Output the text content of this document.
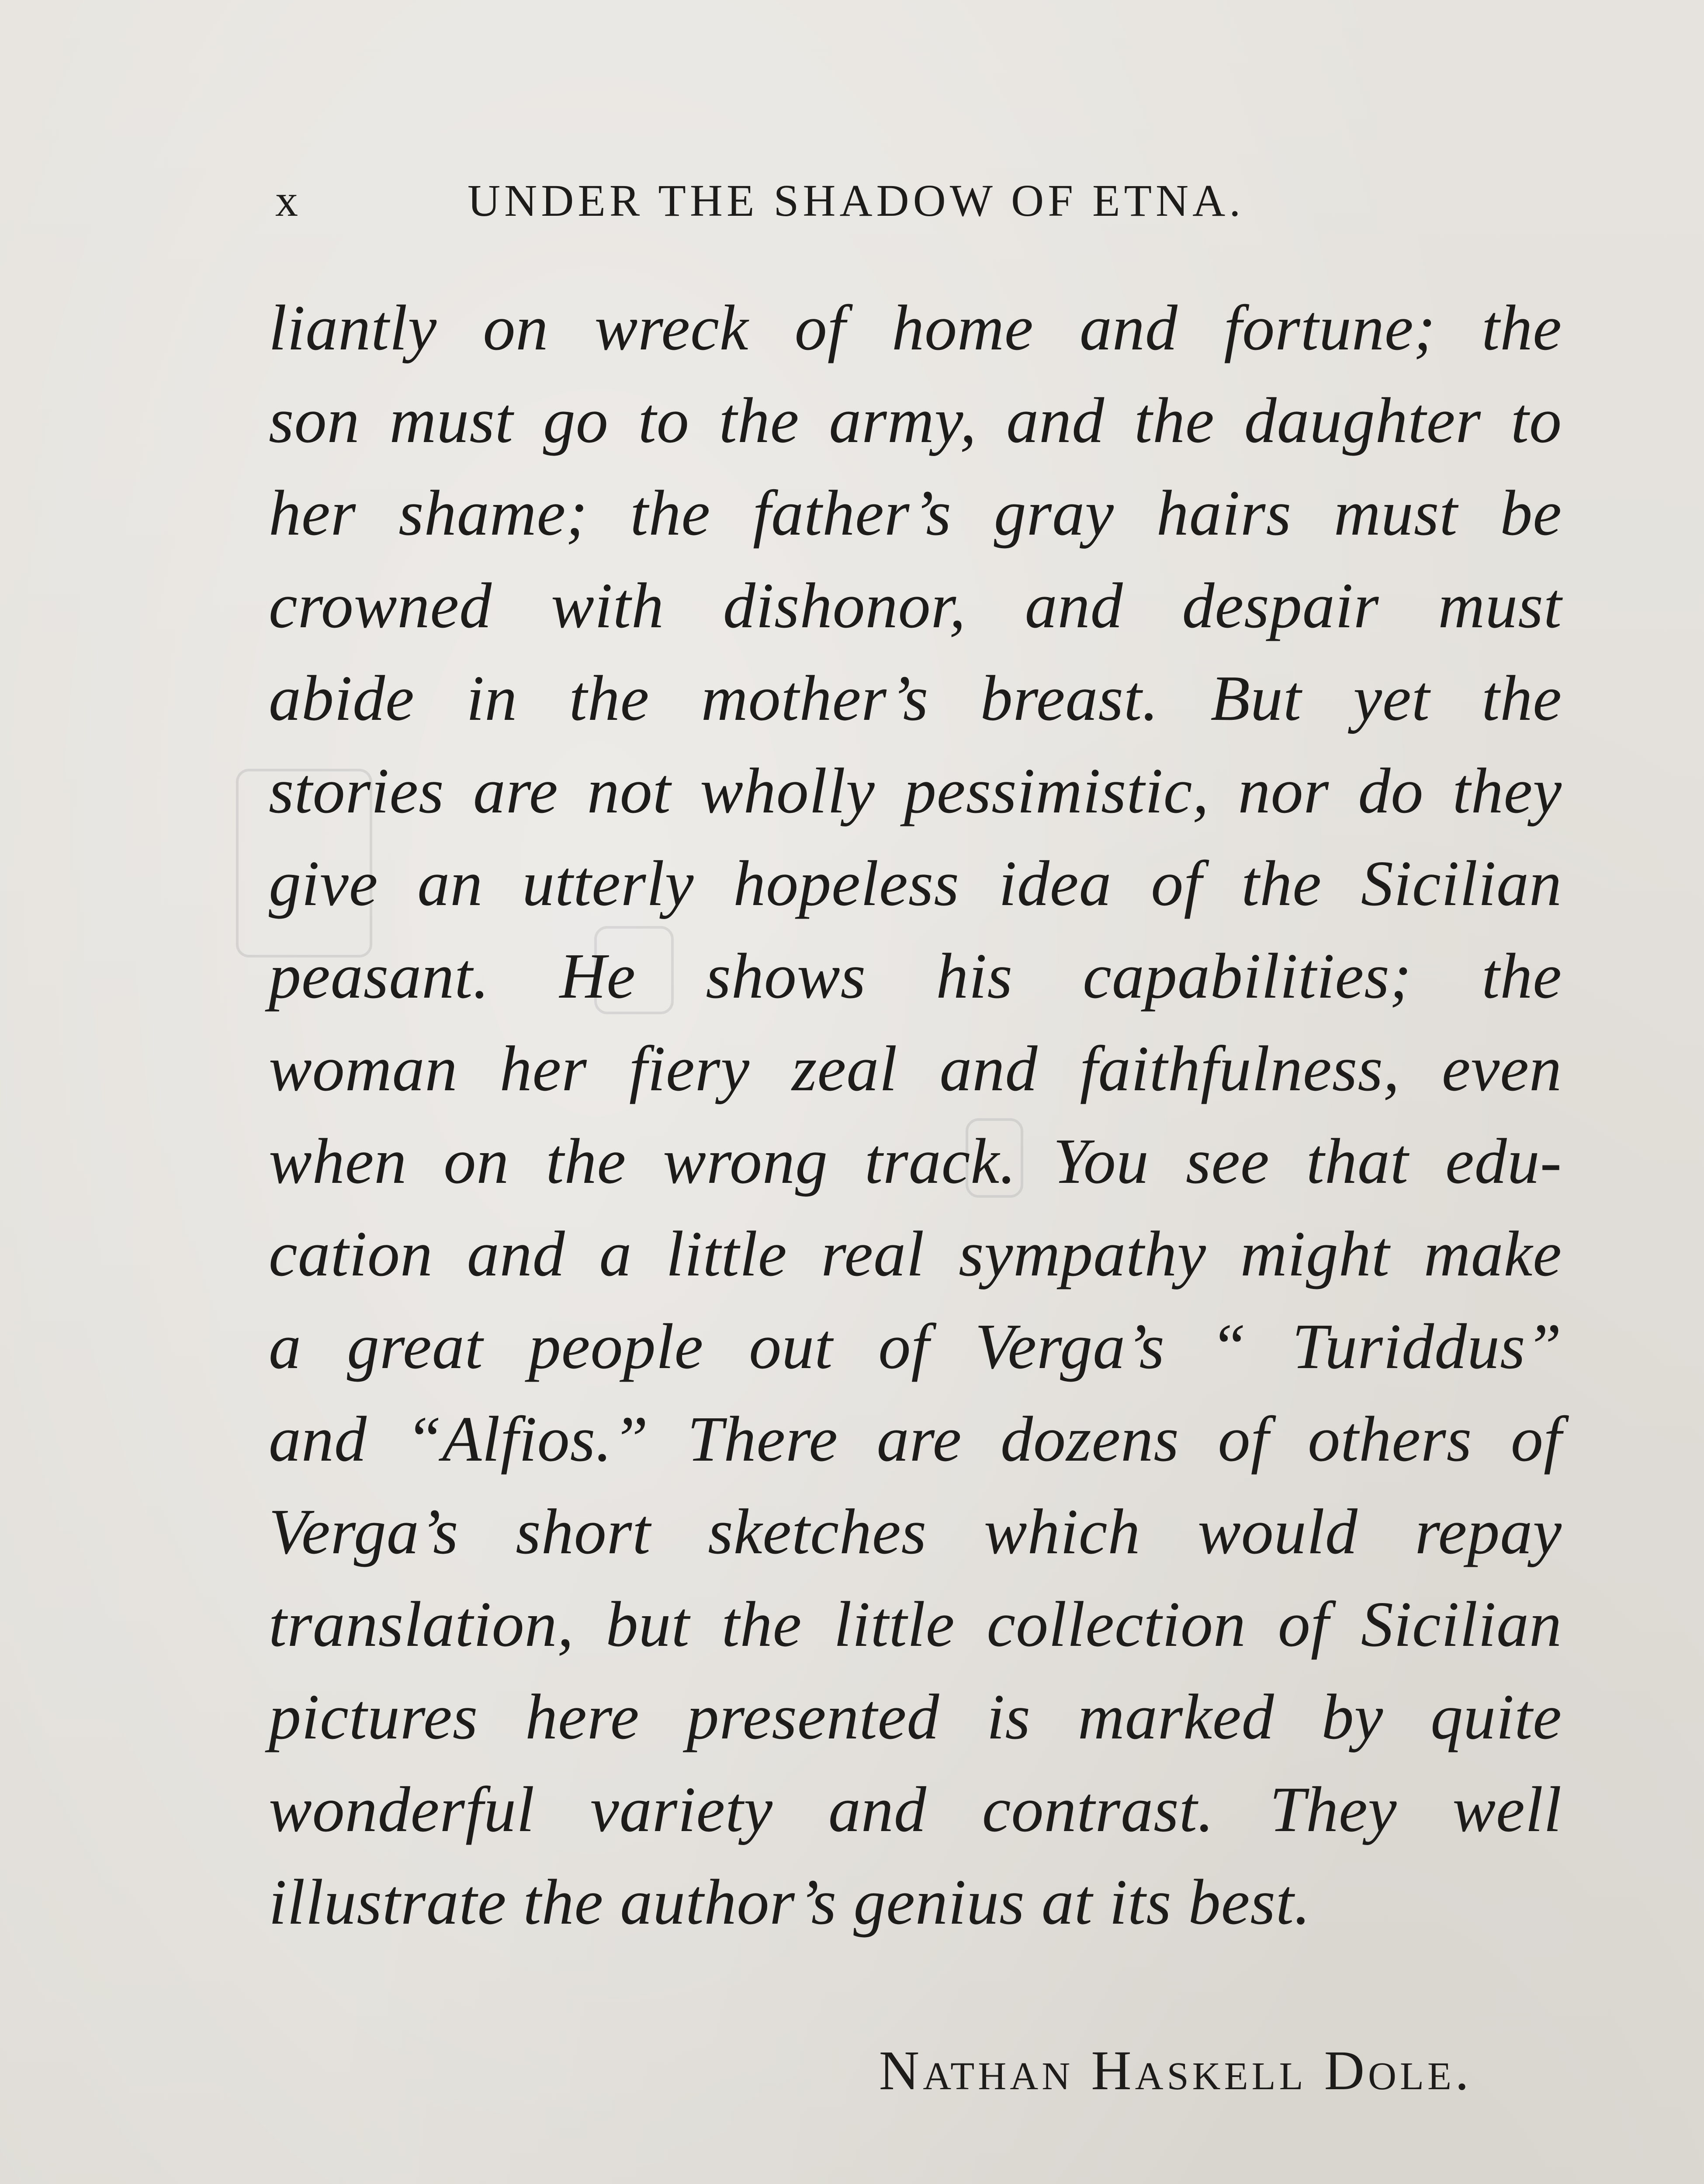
x	UNDER THE SHADOW OF ETNA.
liantly on wreck of home and fortune; the
son must go to the army, and the daughter to
her shame; the father’s gray hairs must be
crowned with dishonor, and despair must
abide in the mother’s breast. But yet the
stories are not wholly pessimistic, nor do they
give an utterly hopeless idea of the Sicilian
peasant. He shows his capabilities; the
woman her fiery zeal and faithfulness, even
when on the wrong track. You see that edu-
cation and a little real sympathy might make
a great people out of Verga’s “ Turiddus”
and “Alfios.” There are dozens of others of
Verga’s short sketches which would repay
translation, but the little collection of Sicilian
pictures here presented is marked by quite
wonderful variety and contrast. They well
illustrate the author’s genius at its best.
Nathan Haskell Dole.
